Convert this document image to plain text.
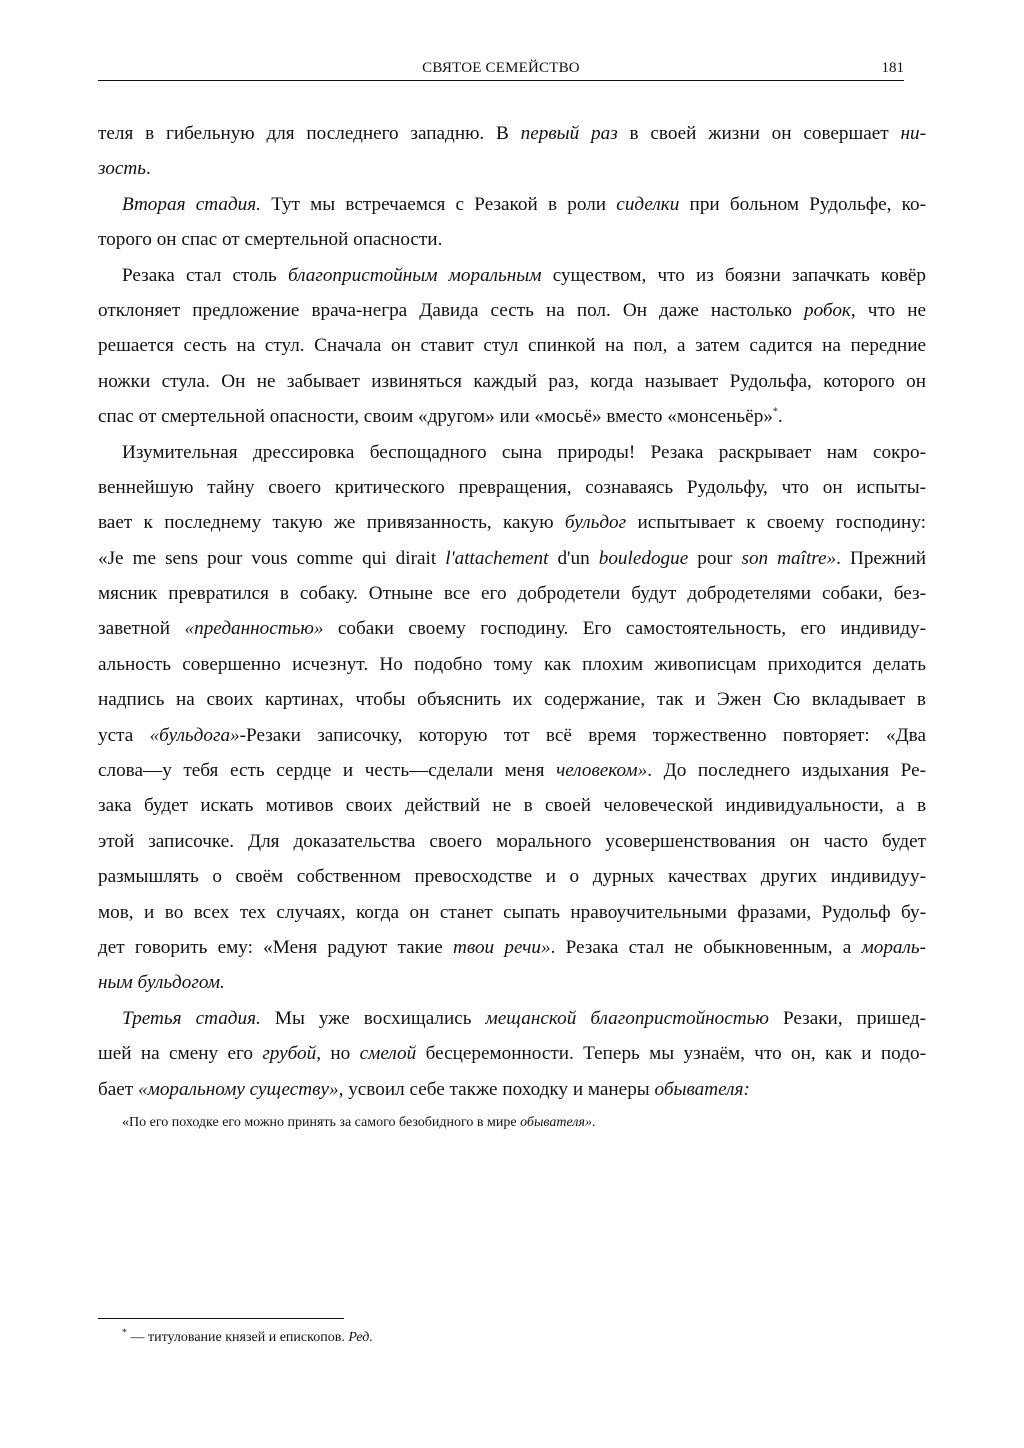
СВЯТОЕ СЕМЕЙСТВО	181
теля в гибельную для последнего западню. В первый раз в своей жизни он совершает ни-
зость.
Вторая стадия. Тут мы встречаемся с Резакой в роли сиделки при больном Рудольфе, ко-
торого он спас от смертельной опасности.
Резака стал столь благопристойным моральным существом, что из боязни запачкать ковёр
отклоняет предложение врача-негра Давида сесть на пол. Он даже настолько робок, что не
решается сесть на стул. Сначала он ставит стул спинкой на пол, а затем садится на передние
ножки стула. Он не забывает извиняться каждый раз, когда называет Рудольфа, которого он
спас от смертельной опасности, своим «другом» или «мосьё» вместо «монсеньёр»*.
Изумительная дрессировка беспощадного сына природы! Резака раскрывает нам сокро-
веннейшую тайну своего критического превращения, сознаваясь Рудольфу, что он испыты-
вает к последнему такую же привязанность, какую бульдог испытывает к своему господину:
«Je me sens pour vous comme qui dirait l'attachement d'un bouledogue pour son maître». Прежний
мясник превратился в собаку. Отныне все его добродетели будут добродетелями собаки, без-
заветной «преданностью» собаки своему господину. Его самостоятельность, его индивиду-
альность совершенно исчезнут. Но подобно тому как плохим живописцам приходится делать
надпись на своих картинах, чтобы объяснить их содержание, так и Эжен Сю вкладывает в
уста «бульдога»-Резаки записочку, которую тот всё время торжественно повторяет: «Два
слова—у тебя есть сердце и честь—сделали меня человеком». До последнего издыхания Ре-
зака будет искать мотивов своих действий не в своей человеческой индивидуальности, а в
этой записочке. Для доказательства своего морального усовершенствования он часто будет
размышлять о своём собственном превосходстве и о дурных качествах других индивидуу-
мов, и во всех тех случаях, когда он станет сыпать нравоучительными фразами, Рудольф бу-
дет говорить ему: «Меня радуют такие твои речи». Резака стал не обыкновенным, а мораль-
ным бульдогом.
Третья стадия. Мы уже восхищались мещанской благопристойностью Резаки, пришед-
шей на смену его грубой, но смелой бесцеремонности. Теперь мы узнаём, что он, как и подо-
бает «моральному существу», усвоил себе также походку и манеры обывателя:
«По его походке его можно принять за самого безобидного в мире обывателя».
* — титулование князей и епископов. Ред.
